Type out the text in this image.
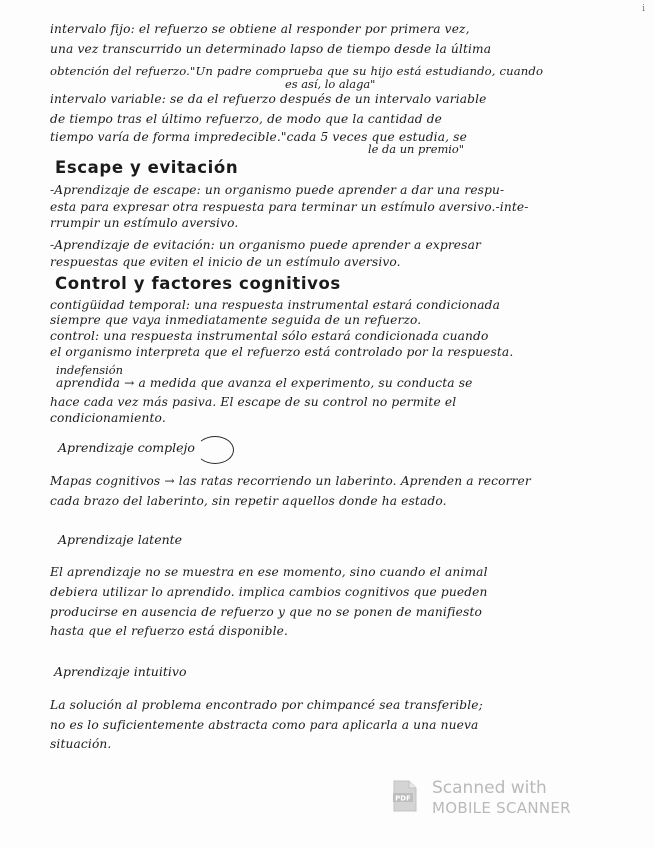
i
intervalo fijo: el refuerzo se obtiene al responder por primera vez,
una vez transcurrido un determinado lapso de tiempo desde la última
obtención del refuerzo."Un padre comprueba que su hijo está estudiando, cuando
es así, lo alaga"
intervalo variable: se da el refuerzo después de un intervalo variable
de tiempo tras el último refuerzo, de modo que la cantidad de
tiempo varía de forma impredecible."cada 5 veces que estudia, se
le da un premio"
Escape y evitación
-Aprendizaje de escape: un organismo puede aprender a dar una respu-
esta para expresar otra respuesta para terminar un estímulo aversivo.-inte-
rrumpir un estímulo aversivo.
-Aprendizaje de evitación: un organismo puede aprender a expresar
respuestas que eviten el inicio de un estímulo aversivo.
Control y factores cognitivos
contigüidad temporal: una respuesta instrumental estará condicionada
siempre que vaya inmediatamente seguida de un refuerzo.
control: una respuesta instrumental sólo estará condicionada cuando
el organismo interpreta que el refuerzo está controlado por la respuesta.
indefensión
aprendida → a medida que avanza el experimento, su conducta se
hace cada vez más pasiva. El escape de su control no permite el
condicionamiento.
Aprendizaje complejo
Mapas cognitivos → las ratas recorriendo un laberinto. Aprenden a recorrer
cada brazo del laberinto, sin repetir aquellos donde ha estado.
Aprendizaje latente
El aprendizaje no se muestra en ese momento, sino cuando el animal
debiera utilizar lo aprendido. implica cambios cognitivos que pueden
producirse en ausencia de refuerzo y que no se ponen de manifiesto
hasta que el refuerzo está disponible.
Aprendizaje intuitivo
La solución al problema encontrado por chimpancé sea transferible;
no es lo suficientemente abstracta como para aplicarla a una nueva
situación.
PDF
Scanned with
MOBILE SCANNER
